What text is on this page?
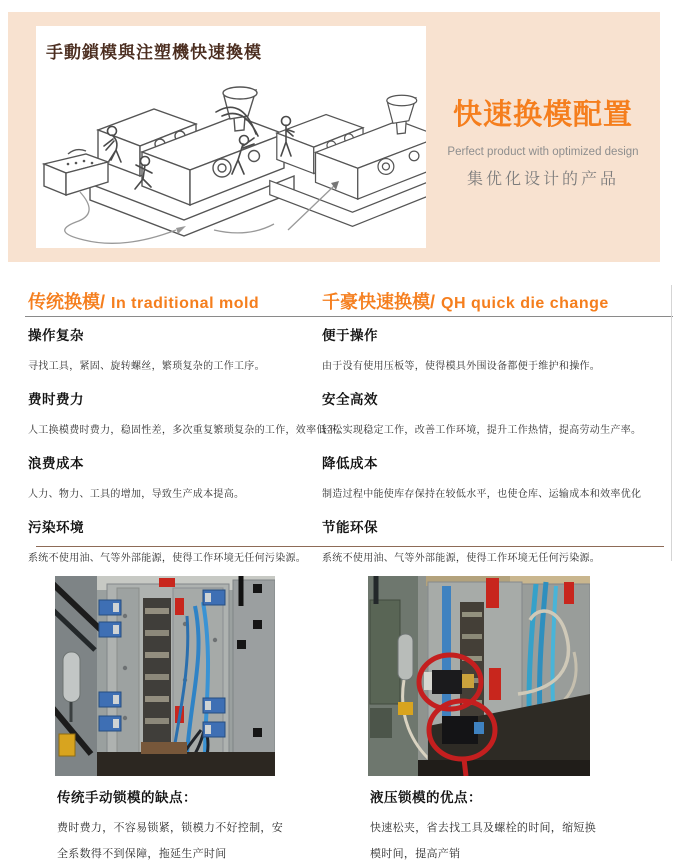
手動鎖模與注塑機快速換模
快速换模配置
Perfect product with optimized design
集优化设计的产品
传统换模/ In traditional mold	千豪快速换模/ QH quick die change
操作复杂
寻找工具，紧固、旋转螺丝，繁琐复杂的工作工序。
费时费力
人工换模费时费力，稳固性差，多次重复繁琐复杂的工作，效率低下。
浪费成本
人力、物力、工具的增加，导致生产成本提高。
污染环境
系统不使用油、气等外部能源，使得工作环境无任何污染源。
便于操作
由于没有使用压板等，使得模具外围设备都便于维护和操作。
安全高效
轻松实现稳定工作，改善工作环境，提升工作热情，提高劳动生产率。
降低成本
制造过程中能使库存保持在较低水平，也使仓库、运输成本和效率优化
节能环保
系统不使用油、气等外部能源，使得工作环境无任何污染源。
传统手动锁模的缺点：

费时费力，不容易锁紧，锁模力不好控制，安全系数得不到保障，拖延生产时间

液压锁模的优点：

快速松夹，省去找工具及螺栓的时间，缩短换模时间，提高产销
